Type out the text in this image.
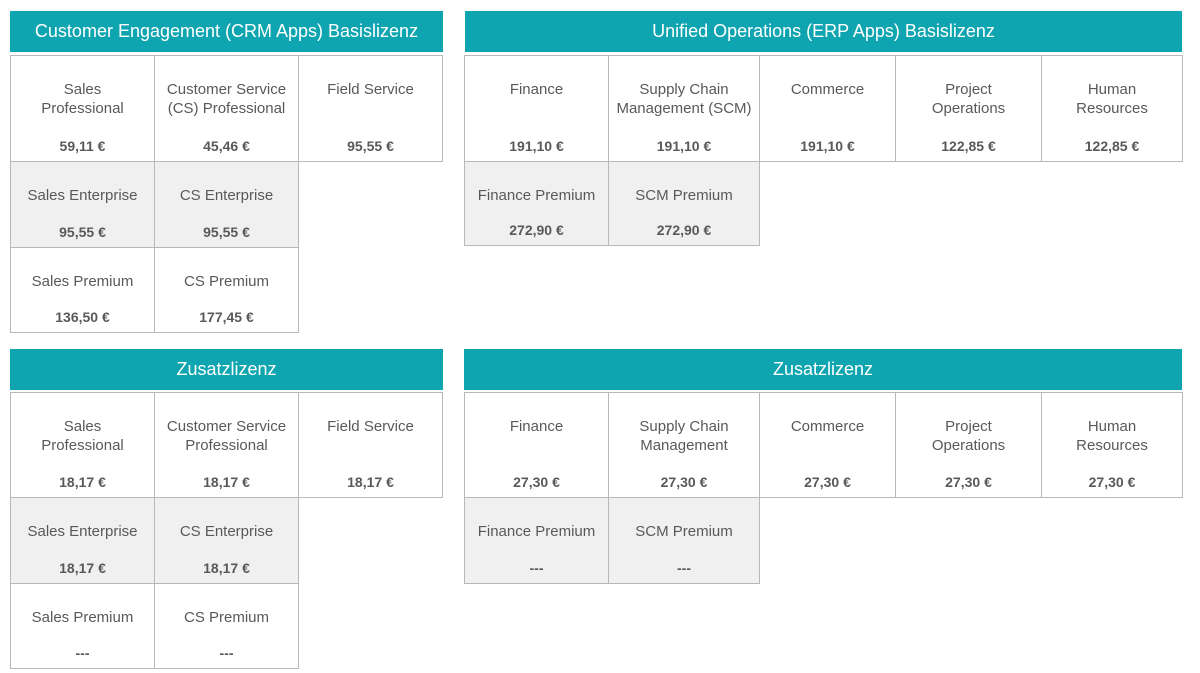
Customer Engagement (CRM Apps) Basislizenz
Sales
Professional
59,11 €
Customer Service
(CS) Professional
45,46 €
Field Service
95,55 €
Sales Enterprise
95,55 €
CS Enterprise
95,55 €
Sales Premium
136,50 €
CS Premium
177,45 €
Unified Operations (ERP Apps) Basislizenz
Finance
191,10 €
Supply Chain
Management (SCM)
191,10 €
Commerce
191,10 €
Project
Operations
122,85 €
Human
Resources
122,85 €
Finance Premium
272,90 €
SCM Premium
272,90 €
Zusatzlizenz
Sales
Professional
18,17 €
Customer Service
Professional
18,17 €
Field Service
18,17 €
Sales Enterprise
18,17 €
CS Enterprise
18,17 €
Sales Premium
---
CS Premium
---
Zusatzlizenz
Finance
27,30 €
Supply Chain
Management
27,30 €
Commerce
27,30 €
Project
Operations
27,30 €
Human
Resources
27,30 €
Finance Premium
---
SCM Premium
---
